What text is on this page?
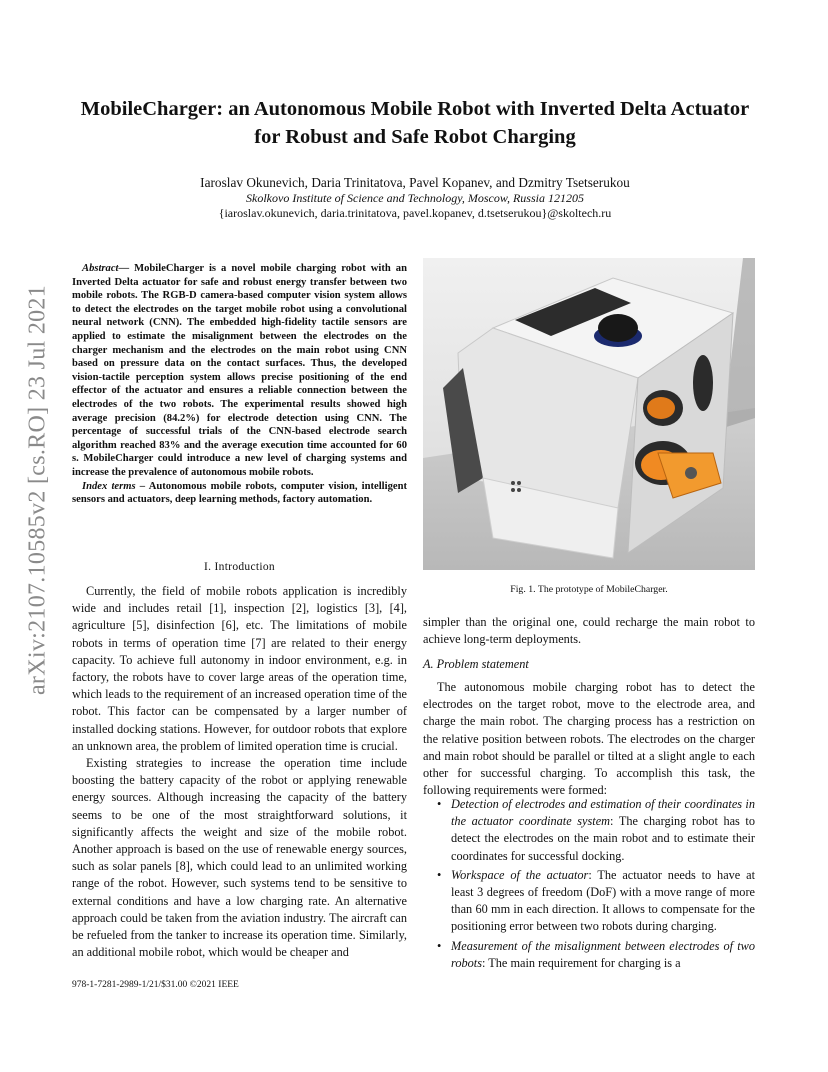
arXiv:2107.10585v2 [cs.RO] 23 Jul 2021
MobileCharger: an Autonomous Mobile Robot with Inverted Delta Actuator for Robust and Safe Robot Charging
Iaroslav Okunevich, Daria Trinitatova, Pavel Kopanev, and Dzmitry Tsetserukou
Skolkovo Institute of Science and Technology, Moscow, Russia 121205
{iaroslav.okunevich, daria.trinitatova, pavel.kopanev, d.tsetserukou}@skoltech.ru

Abstract— MobileCharger is a novel mobile charging robot with an Inverted Delta actuator for safe and robust energy transfer between two mobile robots. The RGB-D camera-based computer vision system allows to detect the electrodes on the target mobile robot using a convolutional neural network (CNN). The embedded high-fidelity tactile sensors are applied to estimate the misalignment between the electrodes on the charger mechanism and the electrodes on the main robot using CNN based on pressure data on the contact surfaces. Thus, the developed vision-tactile perception system allows precise positioning of the end effector of the actuator and ensures a reliable connection between the electrodes of the two robots. The experimental results showed high average precision (84.2%) for electrode detection using CNN. The percentage of successful trials of the CNN-based electrode search algorithm reached 83% and the average execution time accounted for 60 s. MobileCharger could introduce a new level of charging systems and increase the prevalence of autonomous mobile robots.

Index terms – Autonomous mobile robots, computer vision, intelligent sensors and actuators, deep learning methods, factory automation.

I. Introduction

Currently, the field of mobile robots application is incredibly wide and includes retail [1], inspection [2], logistics [3], [4], agriculture [5], disinfection [6], etc. The limitations of mobile robots in terms of operation time [7] are related to their energy capacity. To achieve full autonomy in indoor environment, e.g. in factory, the robots have to cover large areas of the operation time, which leads to the requirement of an increased operation time of the robot. This factor can be compensated by a larger number of installed docking stations. However, for outdoor robots that explore an unknown area, the problem of limited operation time is crucial.

Existing strategies to increase the operation time include boosting the battery capacity of the robot or applying renewable energy sources. Although increasing the capacity of the battery seems to be one of the most straightforward solutions, it significantly affects the weight and size of the mobile robot. Another approach is based on the use of renewable energy sources, such as solar panels [8], which could lead to an unlimited working range of the robot. However, such systems tend to be sensitive to external conditions and have a low charging rate. An alternative approach could be taken from the aviation industry. The aircraft can be refueled from the tanker to increase its operation time. Similarly, an additional mobile robot, which would be cheaper and

Fig. 1. The prototype of MobileCharger.
simpler than the original one, could recharge the main robot to achieve long-term deployments.
A. Problem statement

The autonomous mobile charging robot has to detect the electrodes on the target robot, move to the electrode area, and charge the main robot. The charging process has a restriction on the relative position between robots. The electrodes on the charger and main robot should be parallel or tilted at a slight angle to each other for successful charging. To accomplish this task, the following requirements were formed:

• Detection of electrodes and estimation of their coordinates in the actuator coordinate system: The charging robot has to detect the electrodes on the main robot and to estimate their coordinates for successful docking.
• Workspace of the actuator: The actuator needs to have at least 3 degrees of freedom (DoF) with a move range of more than 60 mm in each direction. It allows to compensate for the positioning error between two robots during charging.
• Measurement of the misalignment between electrodes of two robots: The main requirement for charging is a
978-1-7281-2989-1/21/$31.00 ©2021 IEEE
